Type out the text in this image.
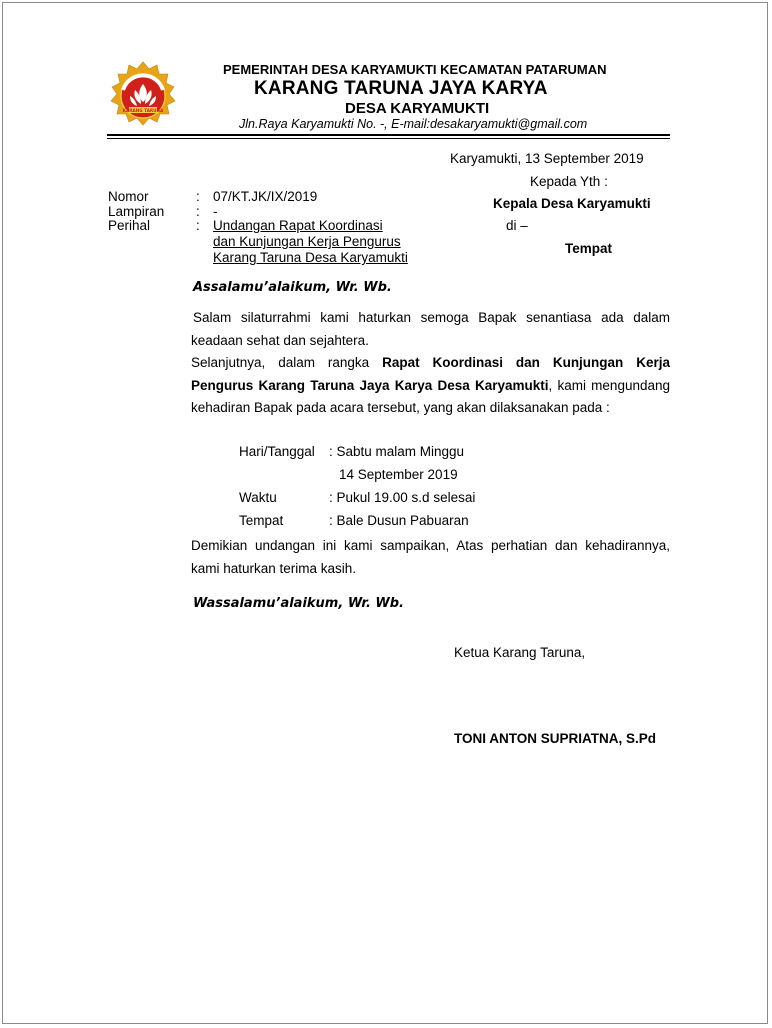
KARANG TARUNA
PEMERINTAH DESA KARYAMUKTI KECAMATAN PATARUMAN
KARANG TARUNA JAYA KARYA
DESA KARYAMUKTI
Jln.Raya Karyamukti No. -, E-mail:desakaryamukti@gmail.com
Karyamukti, 13 September 2019
Nomor	: 07/KT.JK/IX/2019
Lampiran : -
Perihal	: Undangan Rapat Koordinasi
dan Kunjungan Kerja Pengurus
Karang Taruna Desa Karyamukti
Kepada Yth :
Kepala Desa Karyamukti
di –
Tempat
Assalamu’alaikum, Wr. Wb.
Salam silaturrahmi kami haturkan semoga Bapak senantiasa ada dalam keadaan sehat dan sejahtera.
Selanjutnya, dalam rangka Rapat Koordinasi dan Kunjungan Kerja Pengurus Karang Taruna Jaya Karya Desa Karyamukti, kami mengundang kehadiran Bapak pada acara tersebut, yang akan dilaksanakan pada :
Hari/Tanggal : Sabtu malam Minggu
14 September 2019
Waktu	: Pukul 19.00 s.d selesai
Tempat	: Bale Dusun Pabuaran
Demikian undangan ini kami sampaikan, Atas perhatian dan kehadirannya, kami haturkan terima kasih.
Wassalamu’alaikum, Wr. Wb.
Ketua Karang Taruna,
TONI ANTON SUPRIATNA, S.Pd
